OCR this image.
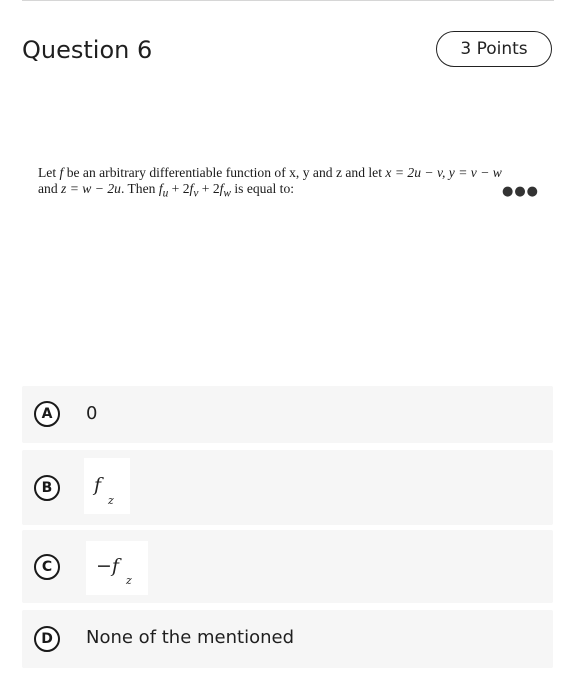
Question 6	3 Points
Let f be an arbitrary differentiable function of x, y and z and let x = 2u − v, y = v − w
and z = w − 2u. Then $f_u + 2f_v + 2f_w$ is equal to:	●●●
A	0
B	f
z
C	−f
z
D	None of the mentioned
